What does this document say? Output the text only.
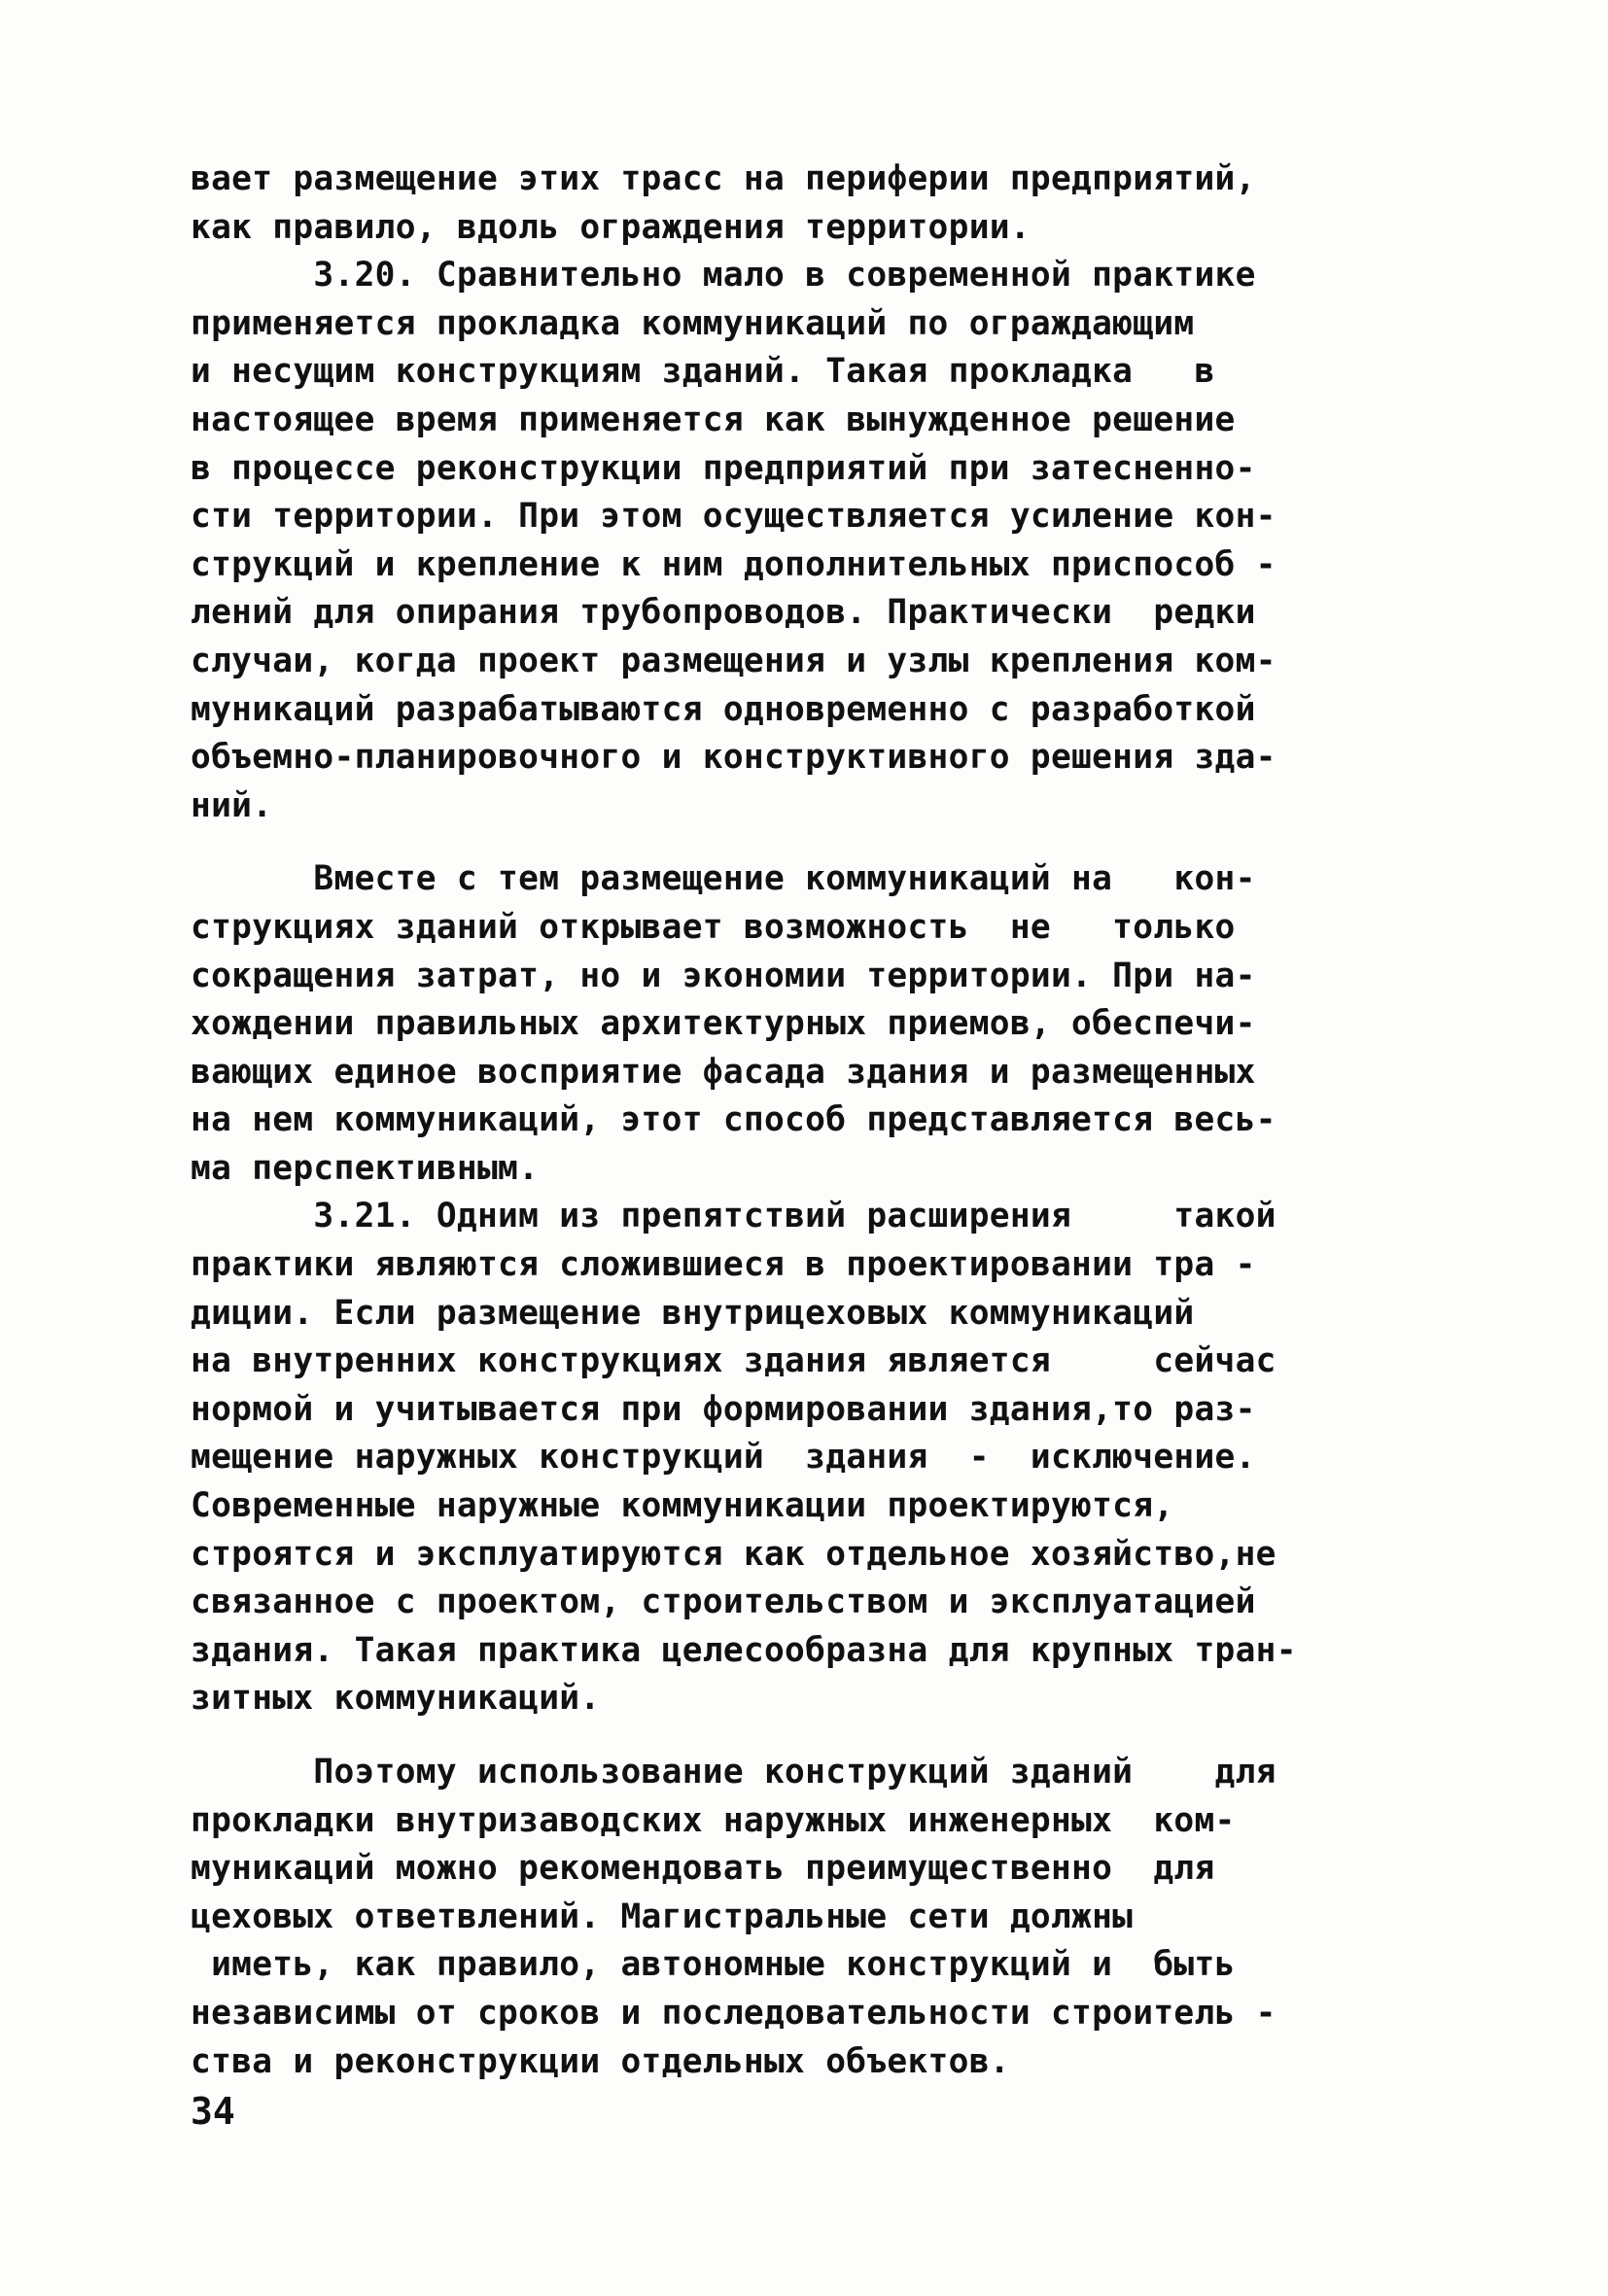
вает размещение этих трасс на периферии предприятий,
как правило, вдоль ограждения территории.
3.20. Сравнительно мало в современной практике
применяется прокладка коммуникаций по ограждающим
и несущим конструкциям зданий. Такая прокладка   в
настоящее время применяется как вынужденное решение
в процессе реконструкции предприятий при затесненно-
сти территории. При этом осуществляется усиление кон-
струкций и крепление к ним дополнительных приспособ -
лений для опирания трубопроводов. Практически  редки
случаи, когда проект размещения и узлы крепления ком-
муникаций разрабатываются одновременно с разработкой
объемно-планировочного и конструктивного решения зда-
ний.
Вместе с тем размещение коммуникаций на   кон-
струкциях зданий открывает возможность  не   только
сокращения затрат, но и экономии территории. При на-
хождении правильных архитектурных приемов, обеспечи-
вающих единое восприятие фасада здания и размещенных
на нем коммуникаций, этот способ представляется весь-
ма перспективным.
3.21. Одним из препятствий расширения     такой
практики являются сложившиеся в проектировании тра -
диции. Если размещение внутрицеховых коммуникаций
на внутренних конструкциях здания является     сейчас
нормой и учитывается при формировании здания,то раз-
мещение наружных конструкций  здания  -  исключение.
Современные наружные коммуникации проектируются,
строятся и эксплуатируются как отдельное хозяйство,не
связанное с проектом, строительством и эксплуатацией
здания. Такая практика целесообразна для крупных тран-
зитных коммуникаций.
Поэтому использование конструкций зданий    для
прокладки внутризаводских наружных инженерных  ком-
муникаций можно рекомендовать преимущественно  для
цеховых ответвлений. Магистральные сети должны
иметь, как правило, автономные конструкций и  быть
независимы от сроков и последовательности строитель -
ства и реконструкции отдельных объектов.
34
